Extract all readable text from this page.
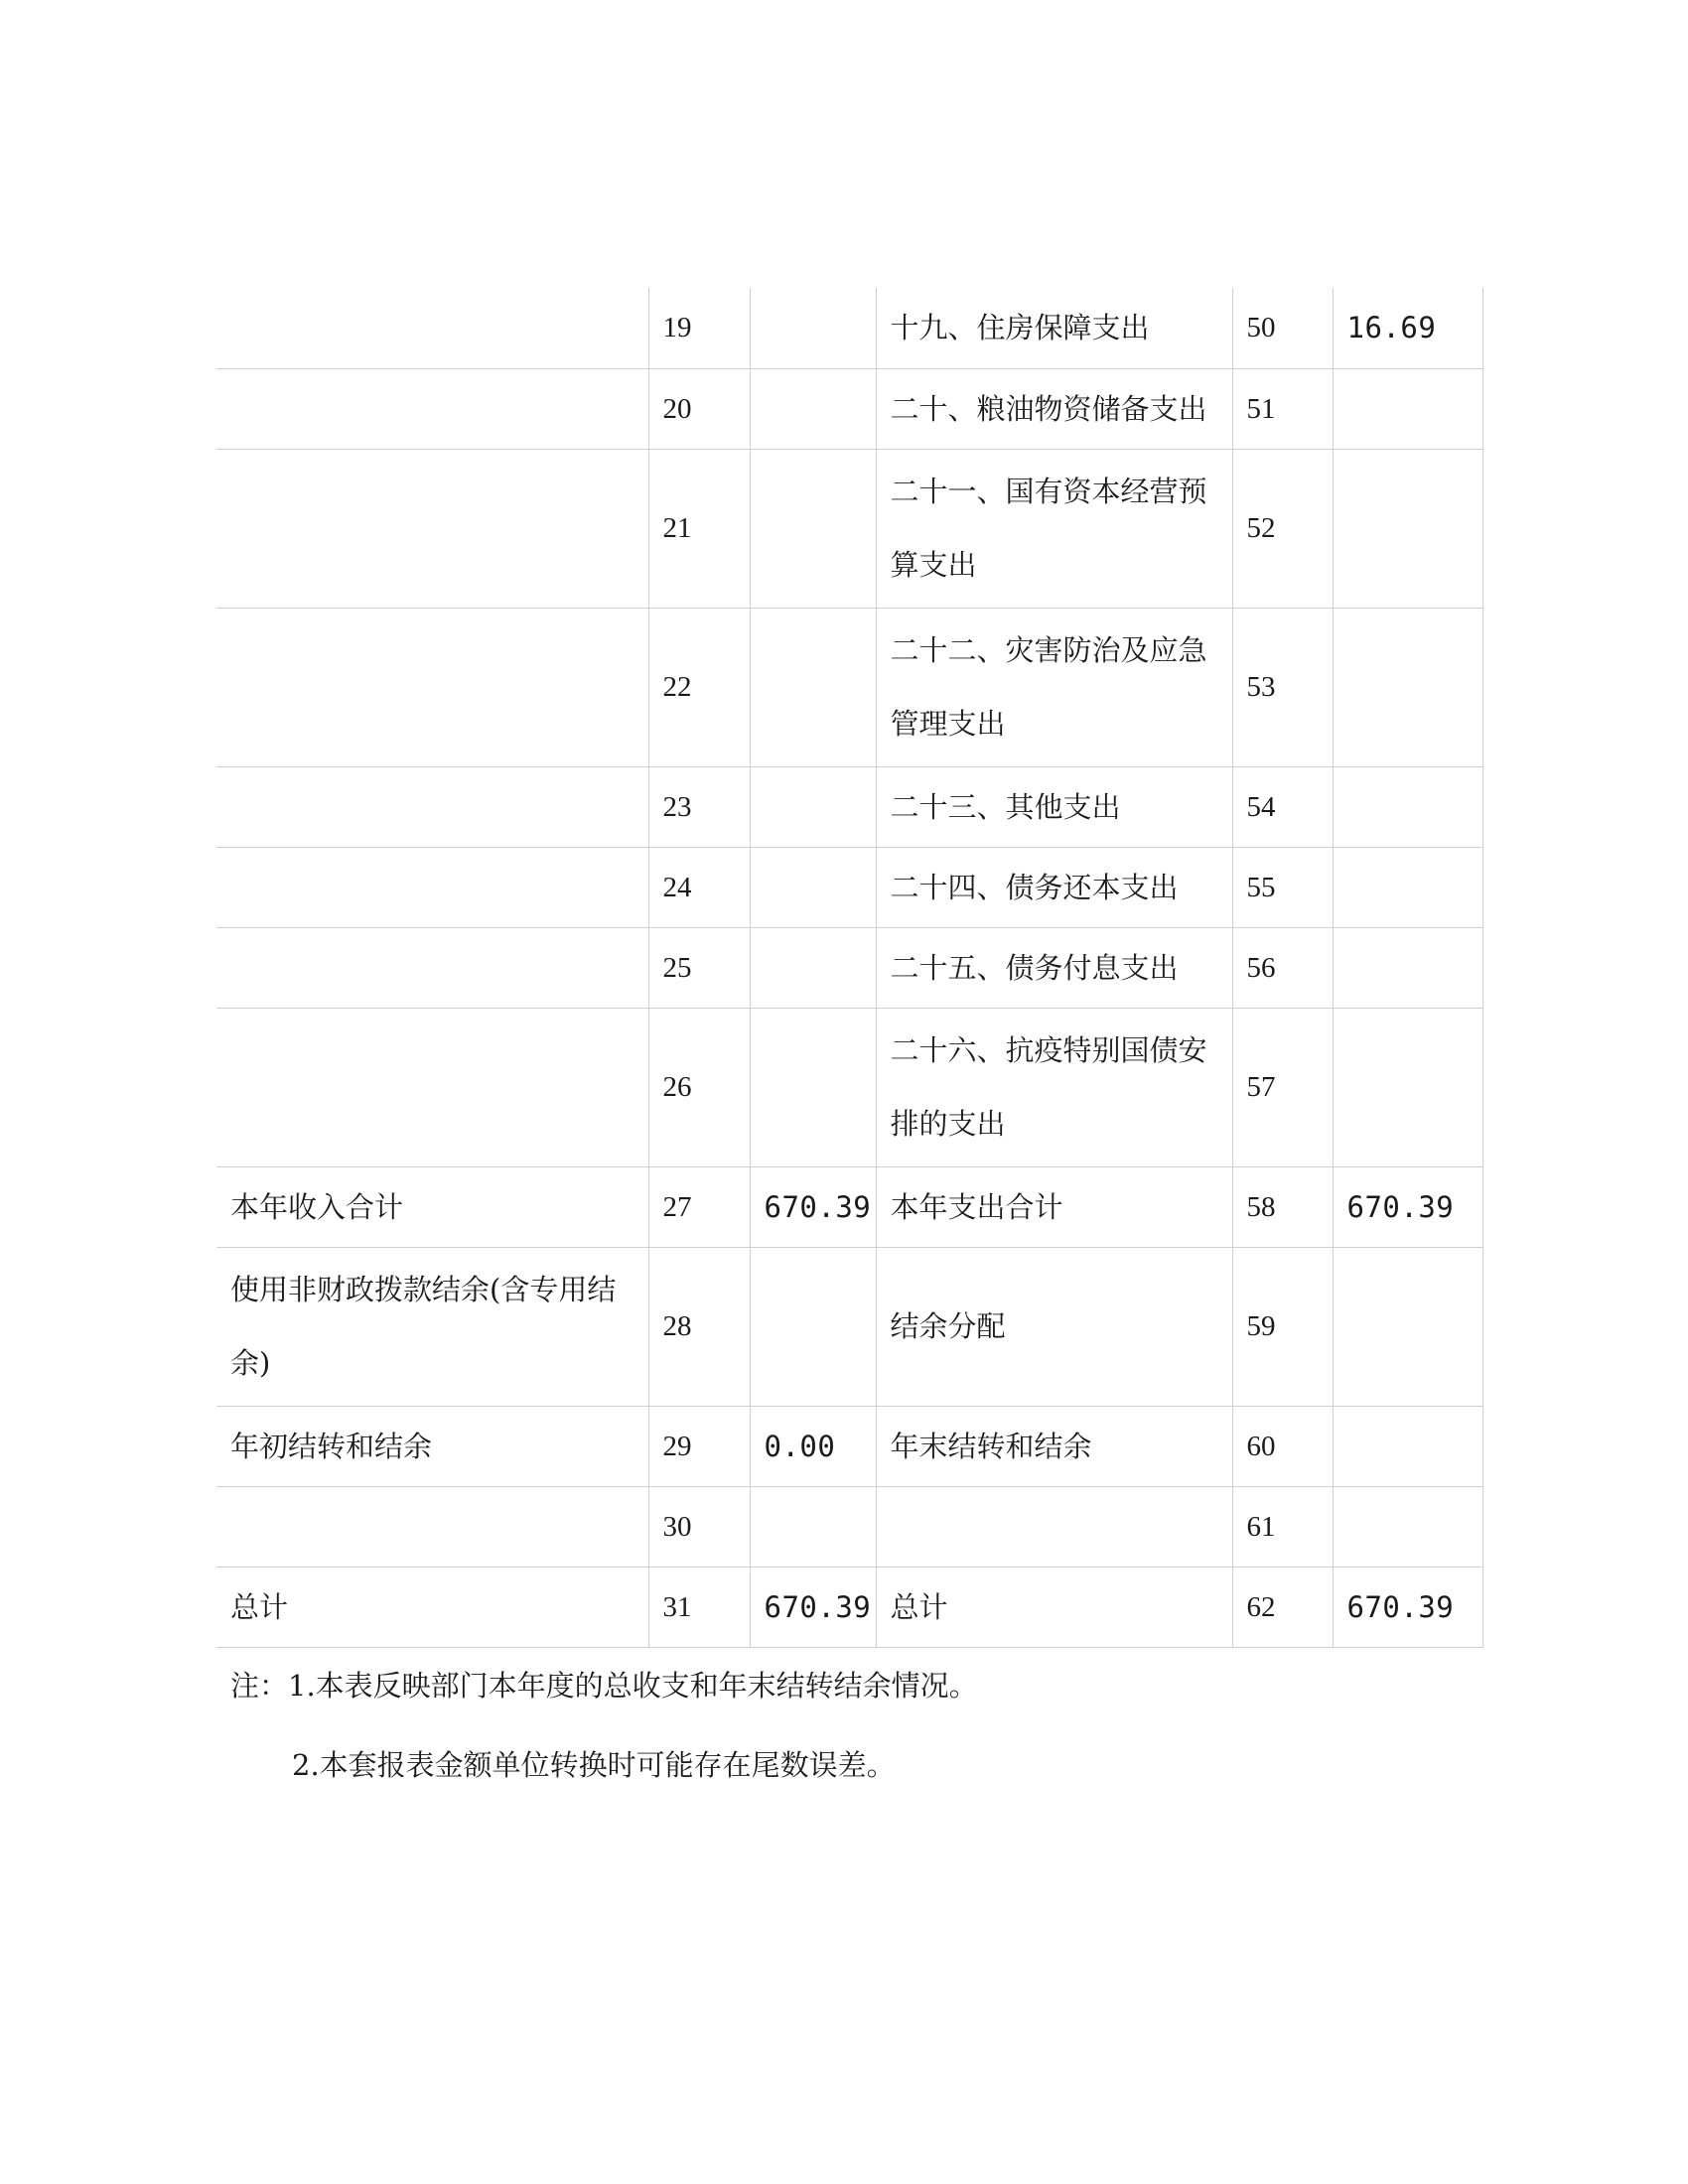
	19		十九、住房保障支出	50	16.69
	20		二十、粮油物资储备支出	51	
	21		二十一、国有资本经营预算支出	52	
	22		二十二、灾害防治及应急管理支出	53	
	23		二十三、其他支出	54	
	24		二十四、债务还本支出	55	
	25		二十五、债务付息支出	56	
	26		二十六、抗疫特别国债安排的支出	57	
本年收入合计	27	670.39	本年支出合计	58	670.39
使用非财政拨款结余(含专用结余)	28		结余分配	59	
年初结转和结余	29	0.00	年末结转和结余	60	
	30			61	
总计	31	670.39	总计	62	670.39
注：1.本表反映部门本年度的总收支和年末结转结余情况。
2.本套报表金额单位转换时可能存在尾数误差。
